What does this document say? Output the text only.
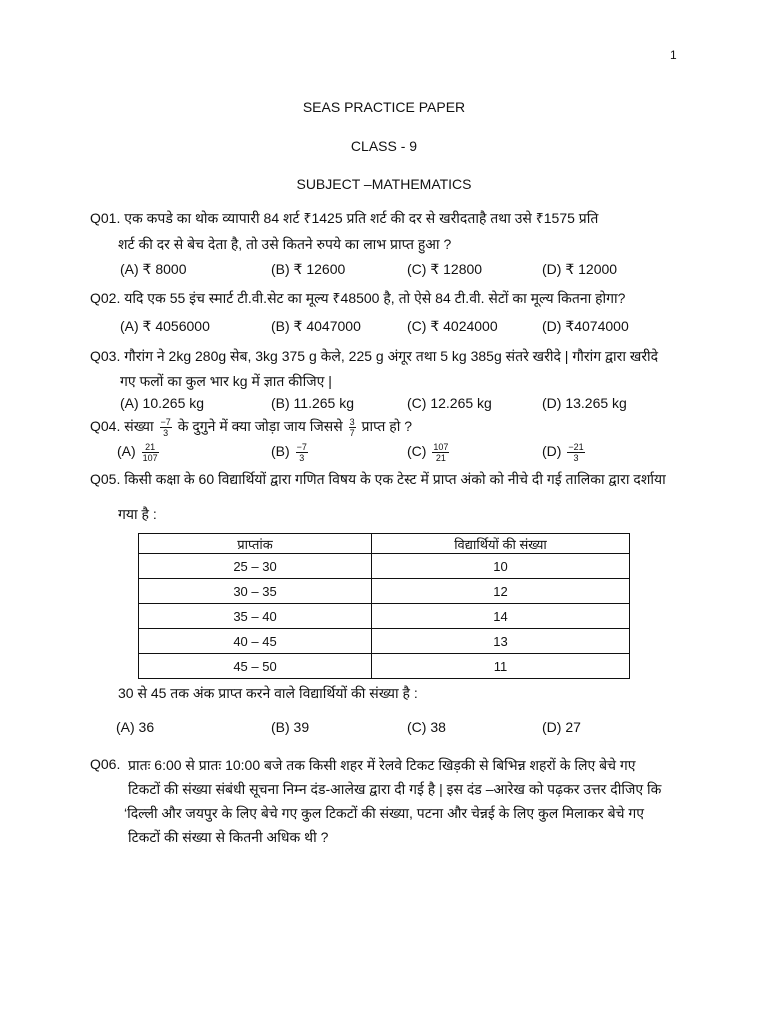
1
SEAS PRACTICE PAPER
CLASS - 9
SUBJECT –MATHEMATICS
Q01. एक कपडे का थोक व्यापारी 84 शर्ट ₹1425 प्रति शर्ट की दर से खरीदताहै तथा उसे ₹1575 प्रति
शर्ट की दर से बेच देता है, तो उसे कितने रुपये का लाभ प्राप्त हुआ ?
(A) ₹ 8000	(B) ₹ 12600	(C) ₹ 12800	(D) ₹ 12000
Q02. यदि एक 55 इंच स्मार्ट टी.वी.सेट का मूल्य ₹48500 है, तो ऐसे 84 टी.वी. सेटों का मूल्य कितना होगा?
(A) ₹ 4056000	(B) ₹ 4047000	(C) ₹ 4024000	(D) ₹4074000
Q03. गौरांग ने 2kg 280g सेब, 3kg 375 g केले, 225 g अंगूर तथा 5 kg 385g संतरे खरीदे | गौरांग द्वारा खरीदे
गए फलों का कुल भार kg में ज्ञात कीजिए |
(A) 10.265 kg	(B) 11.265 kg	(C) 12.265 kg	(D) 13.265 kg
Q04. संख्या $\frac{-7}{3}$ के दुगुने में क्या जोड़ा जाय जिससे $\frac{3}{7}$ प्राप्त हो ?
$(A) \frac{21}{107}$	$(B) \frac{-7}{3}$	$(C) \frac{107}{21}$	$(D) \frac{-21}{3}$
Q05. किसी कक्षा के 60 विद्यार्थियों द्वारा गणित विषय के एक टेस्ट में प्राप्त अंको को नीचे दी गई तालिका द्वारा दर्शाया
गया है :
प्राप्तांक	विद्यार्थियों की संख्या
25 – 30	10
30 – 35	12
35 – 40	14
40 – 45	13
45 – 50	11
30 से 45 तक अंक प्राप्त करने वाले विद्यार्थियों की संख्या है :
(A) 36	(B) 39	(C) 38	(D) 27
Q06. प्रातः 6:00 से प्रातः 10:00 बजे तक किसी शहर में रेलवे टिकट खिड़की से बिभिन्न शहरों के लिए बेचे गए
टिकटों की संख्या संबंधी सूचना निम्न दंड-आलेख द्वारा दी गई है | इस दंड –आरेख को पढ़कर उत्तर दीजिए कि
‘दिल्ली और जयपुर के लिए बेचे गए कुल टिकटों की संख्या, पटना और चेन्नई के लिए कुल मिलाकर बेचे गए
टिकटों की संख्या से कितनी अधिक थी ?
